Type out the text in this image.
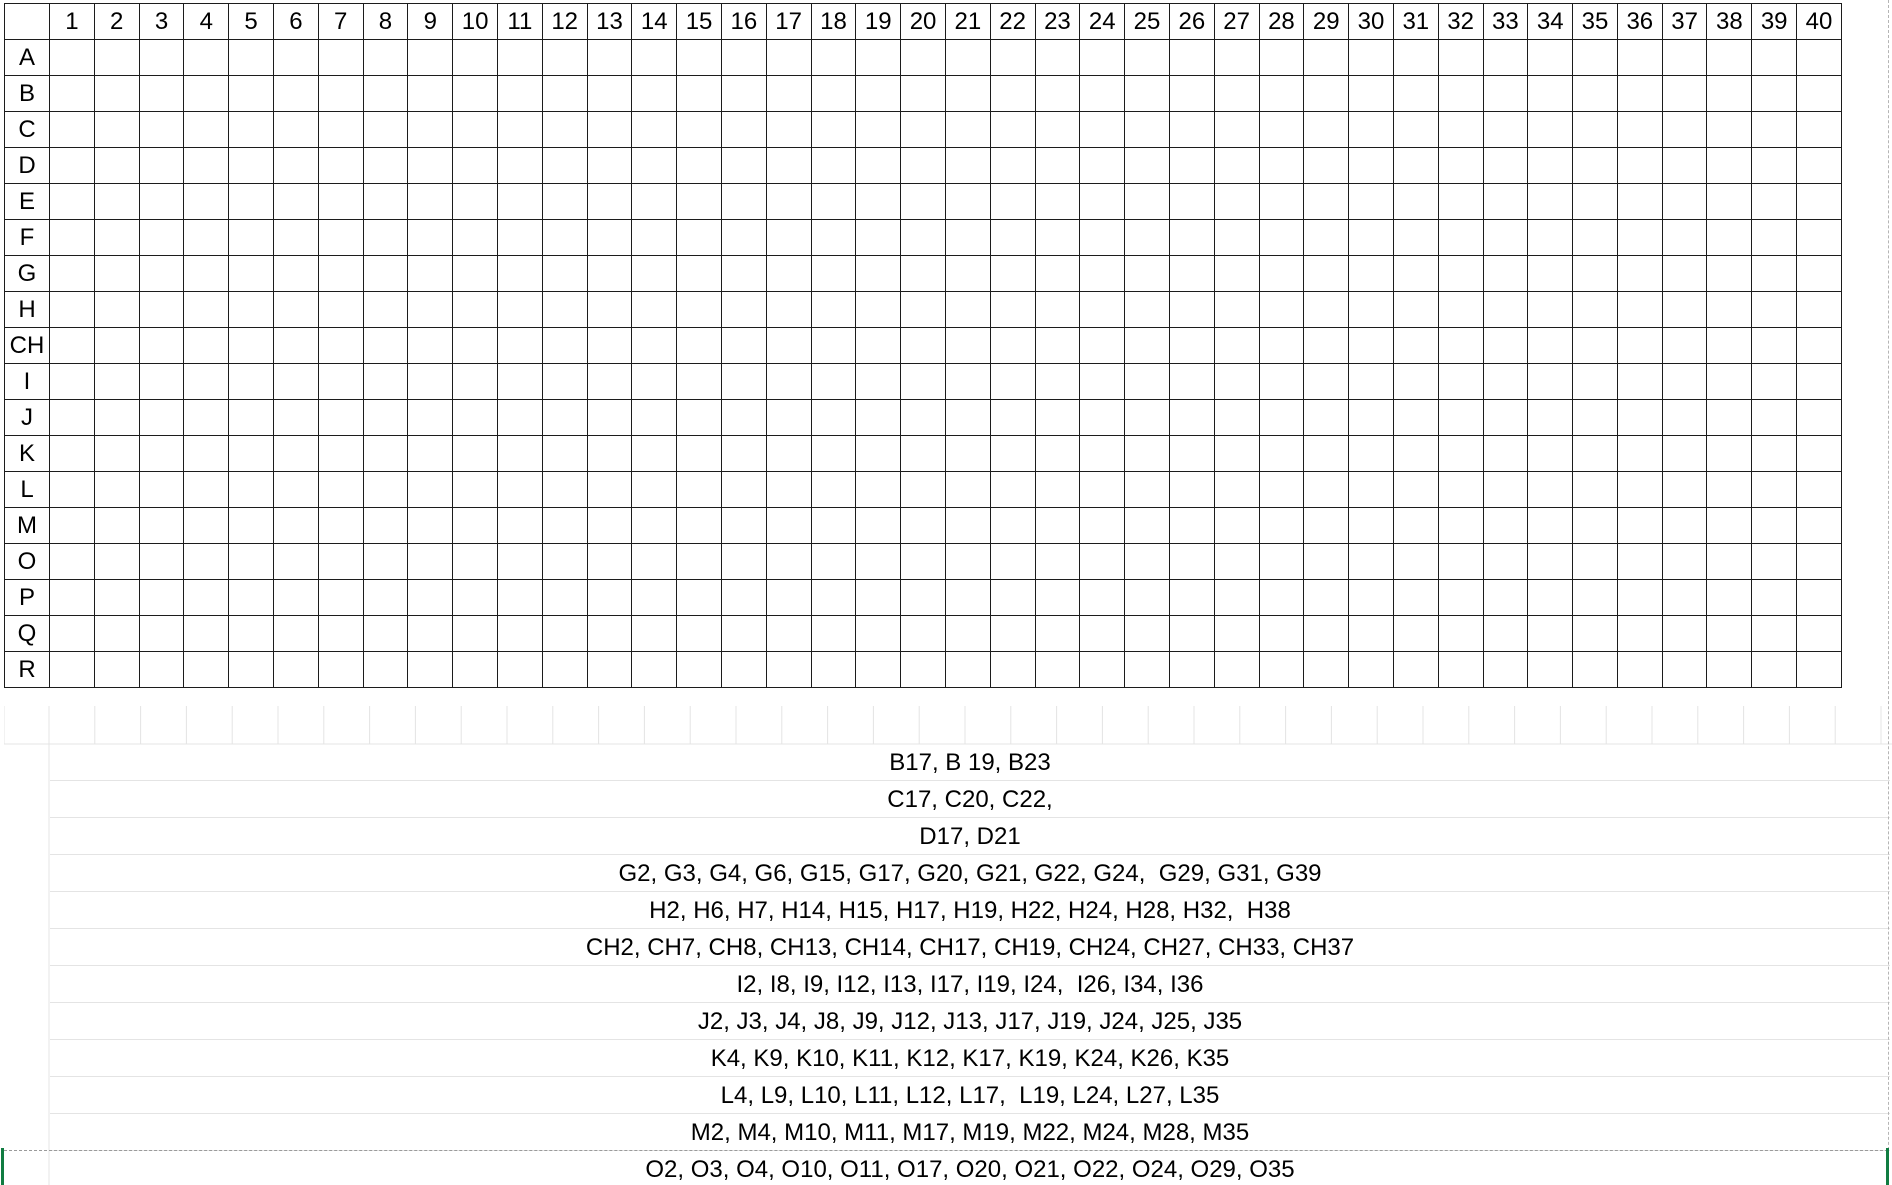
	1	2	3	4	5	6	7	8	9	10	11	12	13	14	15	16	17	18	19	20	21	22	23	24	25	26	27	28	29	30	31	32	33	34	35	36	37	38	39	40
A																																								
B																																								
C																																								
D																																								
E																																								
F																																								
G																																								
H																																								
CH																																								
I																																								
J																																								
K																																								
L																																								
M																																								
O																																								
P																																								
Q																																								
R																																								
B17, B 19, B23
C17, C20, C22,
D17, D21
G2, G3, G4, G6, G15, G17, G20, G21, G22, G24,  G29, G31, G39
H2, H6, H7, H14, H15, H17, H19, H22, H24, H28, H32,  H38
CH2, CH7, CH8, CH13, CH14, CH17, CH19, CH24, CH27, CH33, CH37
I2, I8, I9, I12, I13, I17, I19, I24,  I26, I34, I36
J2, J3, J4, J8, J9, J12, J13, J17, J19, J24, J25, J35
K4, K9, K10, K11, K12, K17, K19, K24, K26, K35
L4, L9, L10, L11, L12, L17,  L19, L24, L27, L35
M2, M4, M10, M11, M17, M19, M22, M24, M28, M35
O2, O3, O4, O10, O11, O17, O20, O21, O22, O24, O29, O35
